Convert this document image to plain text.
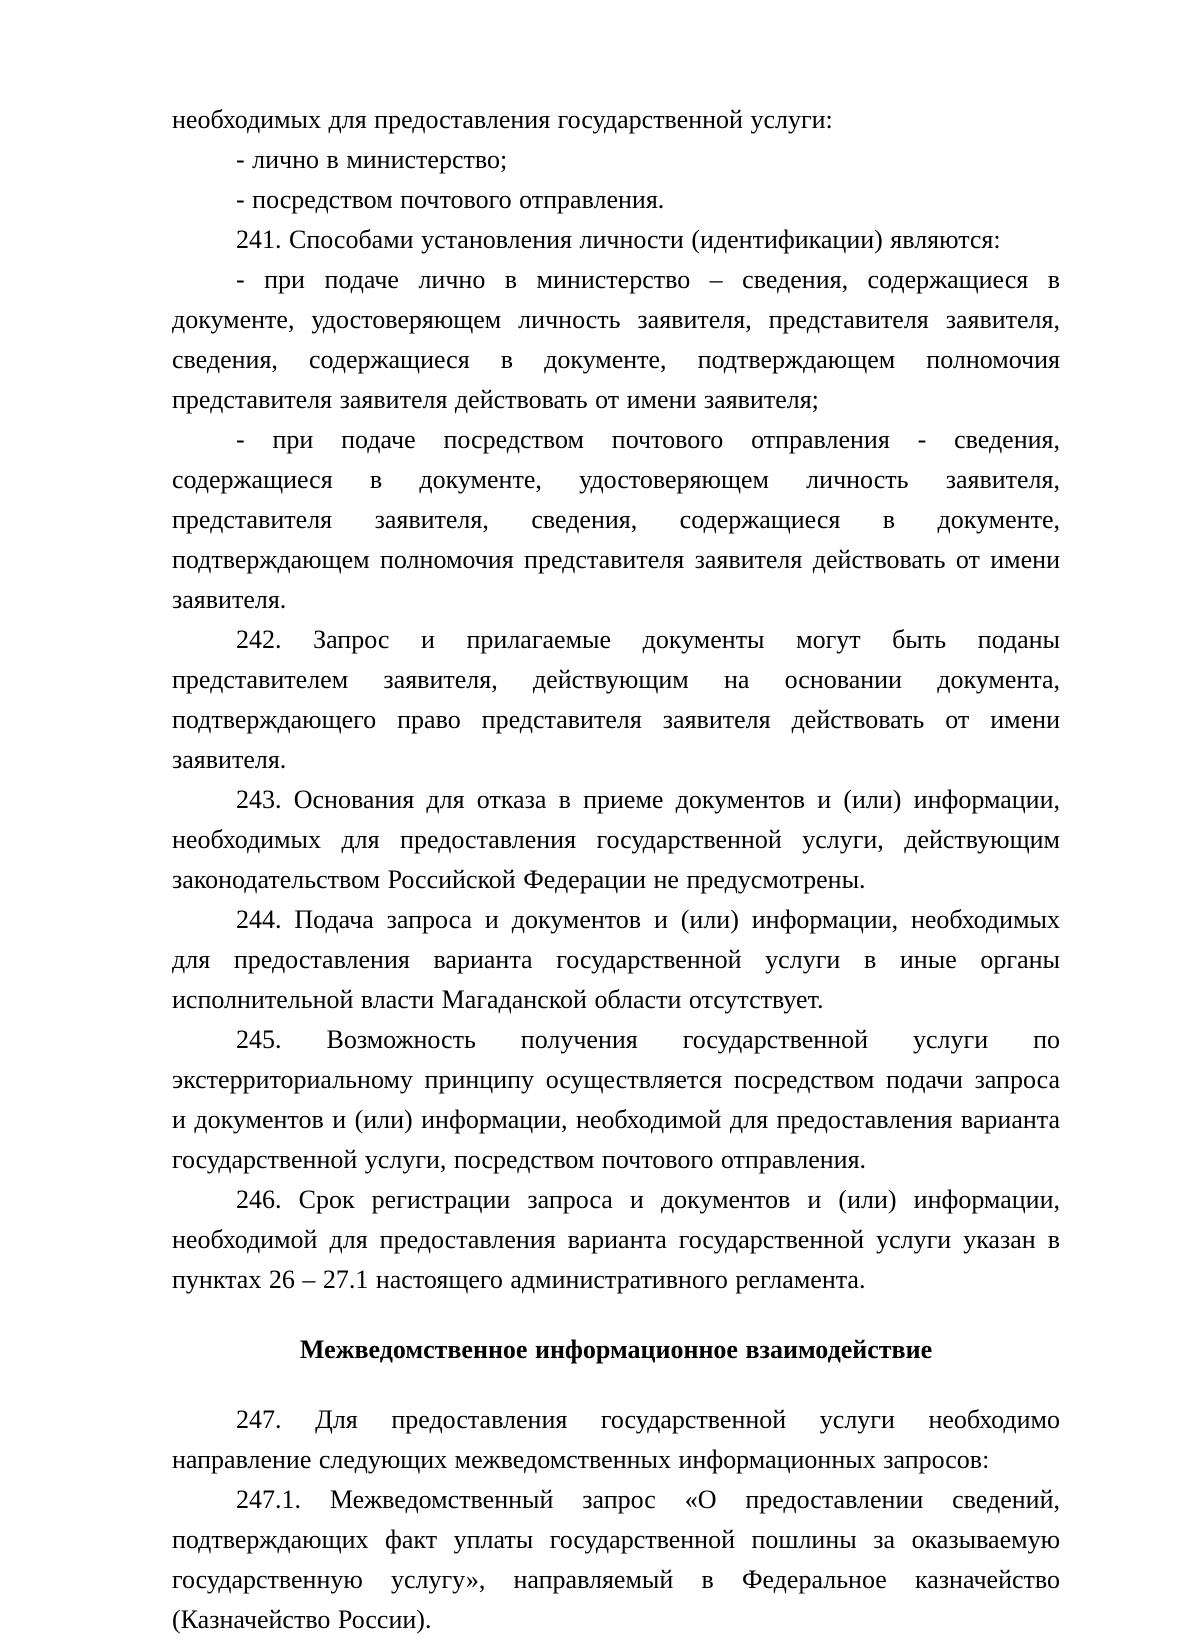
необходимых для предоставления государственной услуги:

- лично в министерство;

- посредством почтового отправления.

241. Способами установления личности (идентификации) являются:

- при подаче лично в министерство – сведения, содержащиеся в документе, удостоверяющем личность заявителя, представителя заявителя, сведения, содержащиеся в документе, подтверждающем полномочия представителя заявителя действовать от имени заявителя;

- при подаче посредством почтового отправления - сведения, содержащиеся в документе, удостоверяющем личность заявителя, представителя заявителя, сведения, содержащиеся в документе, подтверждающем полномочия представителя заявителя действовать от имени заявителя.

242. Запрос и прилагаемые документы могут быть поданы представителем заявителя, действующим на основании документа, подтверждающего право представителя заявителя действовать от имени заявителя.

243. Основания для отказа в приеме документов и (или) информации, необходимых для предоставления государственной услуги, действующим законодательством Российской Федерации не предусмотрены.

244. Подача запроса и документов и (или) информации, необходимых для предоставления варианта государственной услуги в иные органы исполнительной власти Магаданской области отсутствует.

245. Возможность получения государственной услуги по экстерриториальному принципу осуществляется посредством подачи запроса и документов и (или) информации, необходимой для предоставления варианта государственной услуги, посредством почтового отправления.

246. Срок регистрации запроса и документов и (или) информации, необходимой для предоставления варианта государственной услуги указан в пунктах 26 – 27.1 настоящего административного регламента.

Межведомственное информационное взаимодействие

247. Для предоставления государственной услуги необходимо направление следующих межведомственных информационных запросов:

247.1. Межведомственный запрос «О предоставлении сведений, подтверждающих факт уплаты государственной пошлины за оказываемую государственную услугу», направляемый в Федеральное казначейство (Казначейство России).
